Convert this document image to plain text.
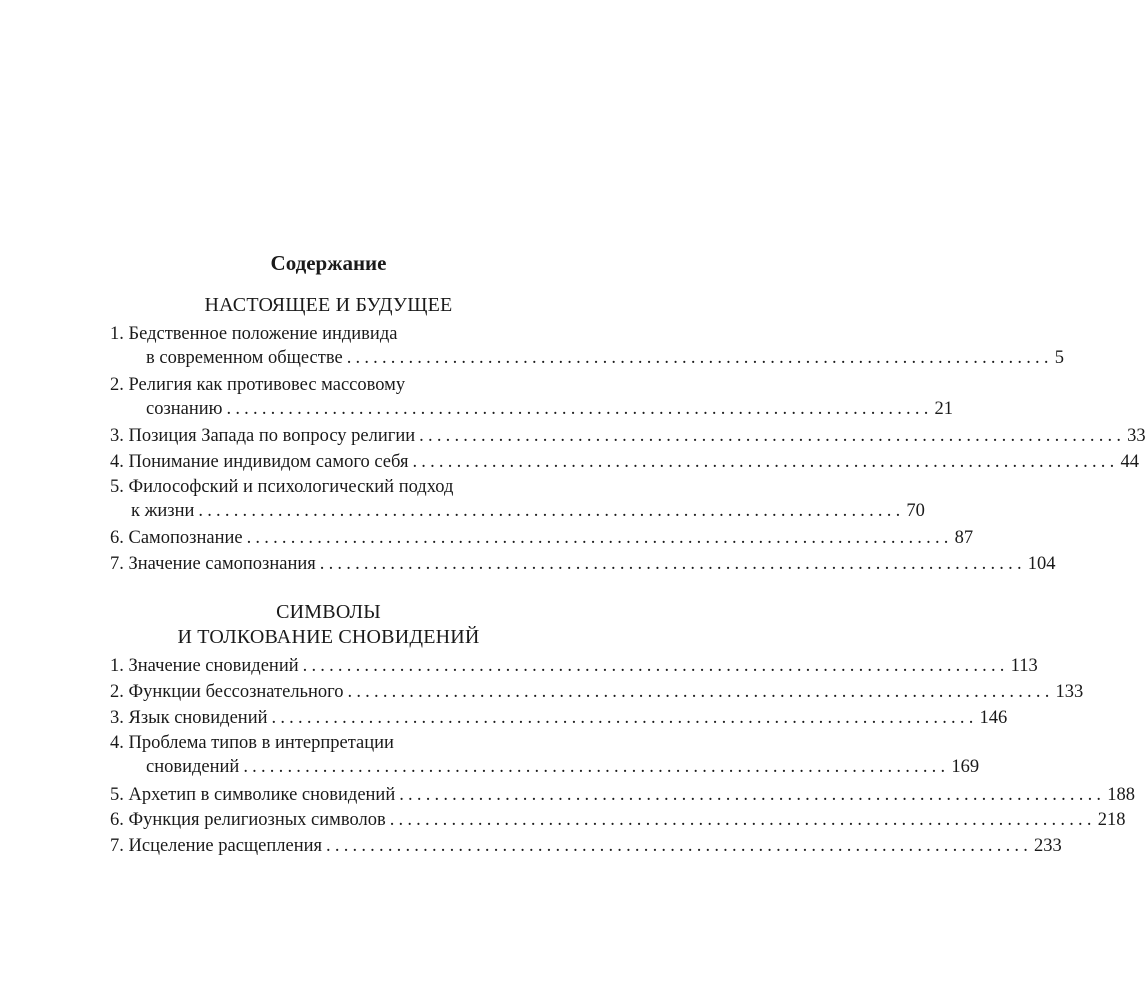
Содержание
НАСТОЯЩЕЕ И БУДУЩЕЕ
1. Бедственное положение индивида
в современном обществе ................................................................................ 5
2. Религия как противовес массовому
сознанию ................................................................................ 21
3. Позиция Запада по вопросу религии ................................................................................ 33
4. Понимание индивидом самого себя ................................................................................ 44
5. Философский и психологический подход
к жизни ................................................................................ 70
6. Самопознание ................................................................................ 87
7. Значение самопознания ................................................................................ 104
СИМВОЛЫ
И ТОЛКОВАНИЕ СНОВИДЕНИЙ
1. Значение сновидений ................................................................................ 113
2. Функции бессознательного ................................................................................ 133
3. Язык сновидений ................................................................................ 146
4. Проблема типов в интерпретации
сновидений ................................................................................ 169
5. Архетип в символике сновидений ................................................................................ 188
6. Функция религиозных символов ................................................................................ 218
7. Исцеление расщепления ................................................................................ 233
